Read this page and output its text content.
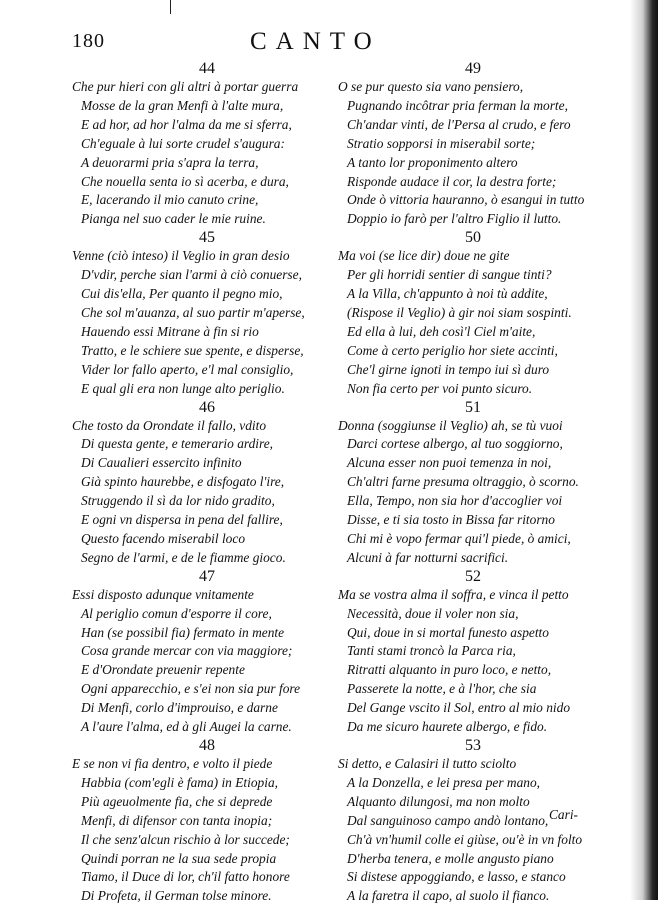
180	CANTO
44
Che pur hieri con gli altri à portar guerra
Mosse de la gran Menfi à l'alte mura,
E ad hor, ad hor l'alma da me si sferra,
Ch'eguale à lui sorte crudel s'augura:
A deuorarmi pria s'apra la terra,
Che nouella senta io sì acerba, e dura,
E, lacerando il mio canuto crine,
Pianga nel suo cader le mie ruine.
45
Venne (ciò inteso) il Veglio in gran desio
D'vdir, perche sian l'armi à ciò conuerse,
Cui dis'ella, Per quanto il pegno mio,
Che sol m'auanza, al suo partir m'aperse,
Hauendo essi Mitrane à fin si rio
Tratto, e le schiere sue spente, e disperse,
Vider lor fallo aperto, e'l mal consiglio,
E qual gli era non lunge alto periglio.
46
Che tosto da Orondate il fallo, vdito
Di questa gente, e temerario ardire,
Di Caualieri essercito infinito
Già spinto haurebbe, e disfogato l'ire,
Struggendo il sì da lor nido gradito,
E ogni vn dispersa in pena del fallire,
Questo facendo miserabil loco
Segno de l'armi, e de le fiamme gioco.
47
Essi disposto adunque vnitamente
Al periglio comun d'esporre il core,
Han (se possibil fia) fermato in mente
Cosa grande mercar con via maggiore;
E d'Orondate preuenir repente
Ogni apparecchio, e s'ei non sia pur fore
Di Menfi, corlo d'improuiso, e darne
A l'aure l'alma, ed à gli Augei la carne.
48
E se non vi fia dentro, e volto il piede
Habbia (com'egli è fama) in Etiopia,
Più ageuolmente fia, che si deprede
Menfi, di difensor con tanta inopia;
Il che senz'alcun rischio à lor succede;
Quindi porran ne la sua sede propia
Tiamo, il Duce di lor, ch'il fatto honore
Di Profeta, il German tolse minore.
49
O se pur questo sia vano pensiero,
Pugnando incôtrar pria ferman la morte,
Ch'andar vinti, de l'Persa al crudo, e fero
Stratio sopporsi in miserabil sorte;
A tanto lor proponimento altero
Risponde audace il cor, la destra forte;
Onde ò vittoria hauranno, ò esangui in tutto
Doppio io farò per l'altro Figlio il lutto.
50
Ma voi (se lice dir) doue ne gite
Per gli horridi sentier di sangue tinti?
A la Villa, ch'appunto à noi tù addite,
(Rispose il Veglio) à gir noi siam sospinti.
Ed ella à lui, deh così'l Ciel m'aite,
Come à certo periglio hor siete accinti,
Che'l girne ignoti in tempo iui sì duro
Non fia certo per voi punto sicuro.
51
Donna (soggiunse il Veglio) ah, se tù vuoi
Darci cortese albergo, al tuo soggiorno,
Alcuna esser non puoi temenza in noi,
Ch'altri farne presuma oltraggio, ò scorno.
Ella, Tempo, non sia hor d'accoglier voi
Disse, e ti sia tosto in Bissa far ritorno
Chi mi è vopo fermar qui'l piede, ò amici,
Alcuni à far notturni sacrifici.
52
Ma se vostra alma il soffra, e vinca il petto
Necessità, doue il voler non sia,
Qui, doue in si mortal funesto aspetto
Tanti stami troncò la Parca ria,
Ritratti alquanto in puro loco, e netto,
Passerete la notte, e à l'hor, che sia
Del Gange vscito il Sol, entro al mio nido
Da me sicuro haurete albergo, e fido.
53
Si detto, e Calasiri il tutto sciolto
A la Donzella, e lei presa per mano,
Alquanto dilungosi, ma non molto
Dal sanguinoso campo andò lontano,
Ch'à vn'humil colle ei giùse, ou'è in vn folto
D'herba tenera, e molle angusto piano
Si distese appoggiando, e lasso, e stanco
A la faretra il capo, al suolo il fianco.
Cari-
